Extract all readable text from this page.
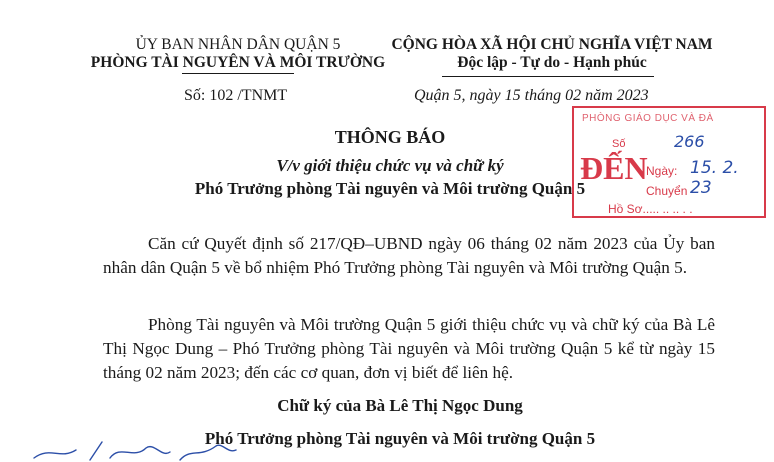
ỦY BAN NHÂN DÂN QUẬN 5
PHÒNG TÀI NGUYÊN VÀ MÔI TRƯỜNG
CỘNG HÒA XÃ HỘI CHỦ NGHĨA VIỆT NAM
Độc lập - Tự do - Hạnh phúc
Số: 102 /TNMT	Quận 5, ngày 15 tháng 02 năm 2023
THÔNG BÁO
V/v giới thiệu chức vụ và chữ ký
Phó Trưởng phòng Tài nguyên và Môi trường Quận 5
PHÒNG GIÁO DỤC VÀ ĐÀ
Số	266
ĐẾN
Ngày: 15. 2. 23
Chuyển
Hồ Sơ..... .. .. . .

Căn cứ Quyết định số 217/QĐ–UBND ngày 06 tháng 02 năm 2023 của Ủy ban nhân dân Quận 5 về bổ nhiệm Phó Trưởng phòng Tài nguyên và Môi trường Quận 5.

Phòng Tài nguyên và Môi trường Quận 5 giới thiệu chức vụ và chữ ký của Bà Lê Thị Ngọc Dung – Phó Trưởng phòng Tài nguyên và Môi trường Quận 5 kể từ ngày 15 tháng 02 năm 2023; đến các cơ quan, đơn vị biết để liên hệ.

Chữ ký của Bà Lê Thị Ngọc Dung
Phó Trưởng phòng Tài nguyên và Môi trường Quận 5
